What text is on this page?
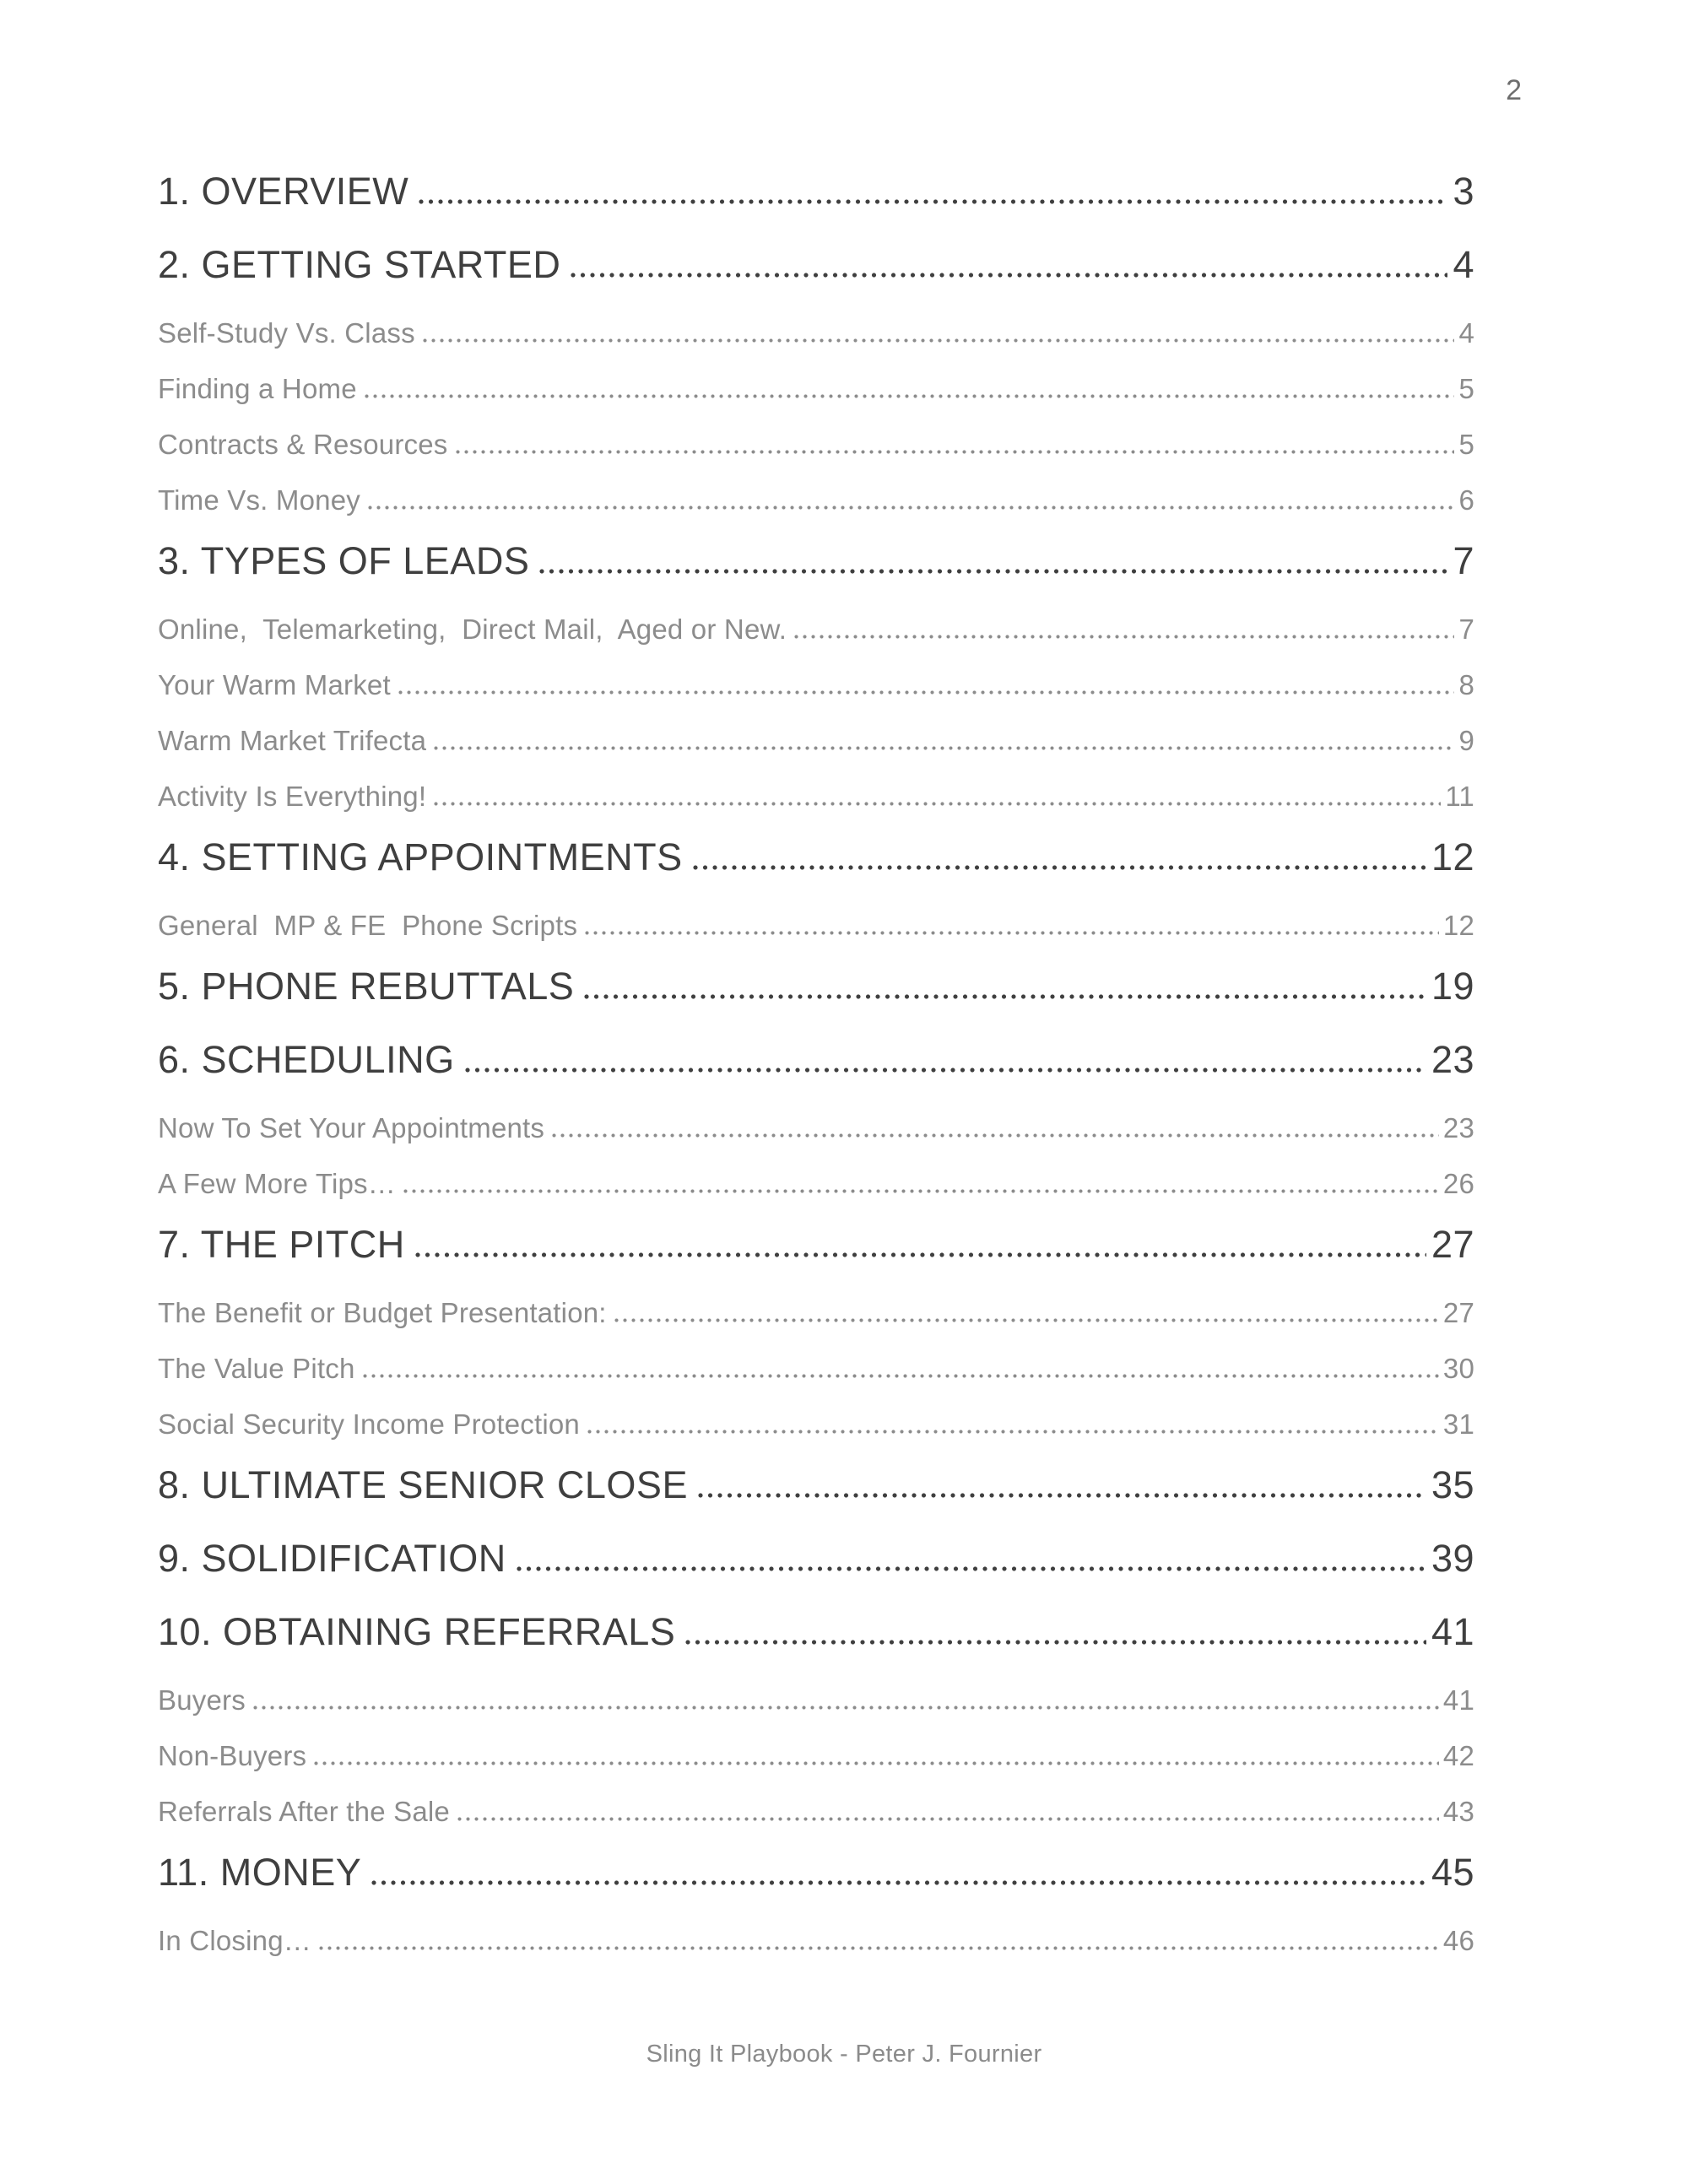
2
1. OVERVIEW	3
2. GETTING STARTED	4
Self-Study Vs. Class	4
Finding a Home	5
Contracts & Resources	5
Time Vs. Money	6
3. TYPES OF LEADS	7
Online,  Telemarketing,  Direct Mail,  Aged or New.	7
Your Warm Market	8
Warm Market Trifecta	9
Activity Is Everything!	11
4. SETTING APPOINTMENTS	12
General  MP & FE  Phone Scripts	12
5. PHONE REBUTTALS	19
6. SCHEDULING	23
Now To Set Your Appointments	23
A Few More Tips…	26
7. THE PITCH	27
The Benefit or Budget Presentation:	27
The Value Pitch	30
Social Security Income Protection	31
8. ULTIMATE SENIOR CLOSE	35
9. SOLIDIFICATION	39
10. OBTAINING REFERRALS	41
Buyers	41
Non-Buyers	42
Referrals After the Sale	43
11. MONEY	45
In Closing…	46
Sling It Playbook - Peter J. Fournier
